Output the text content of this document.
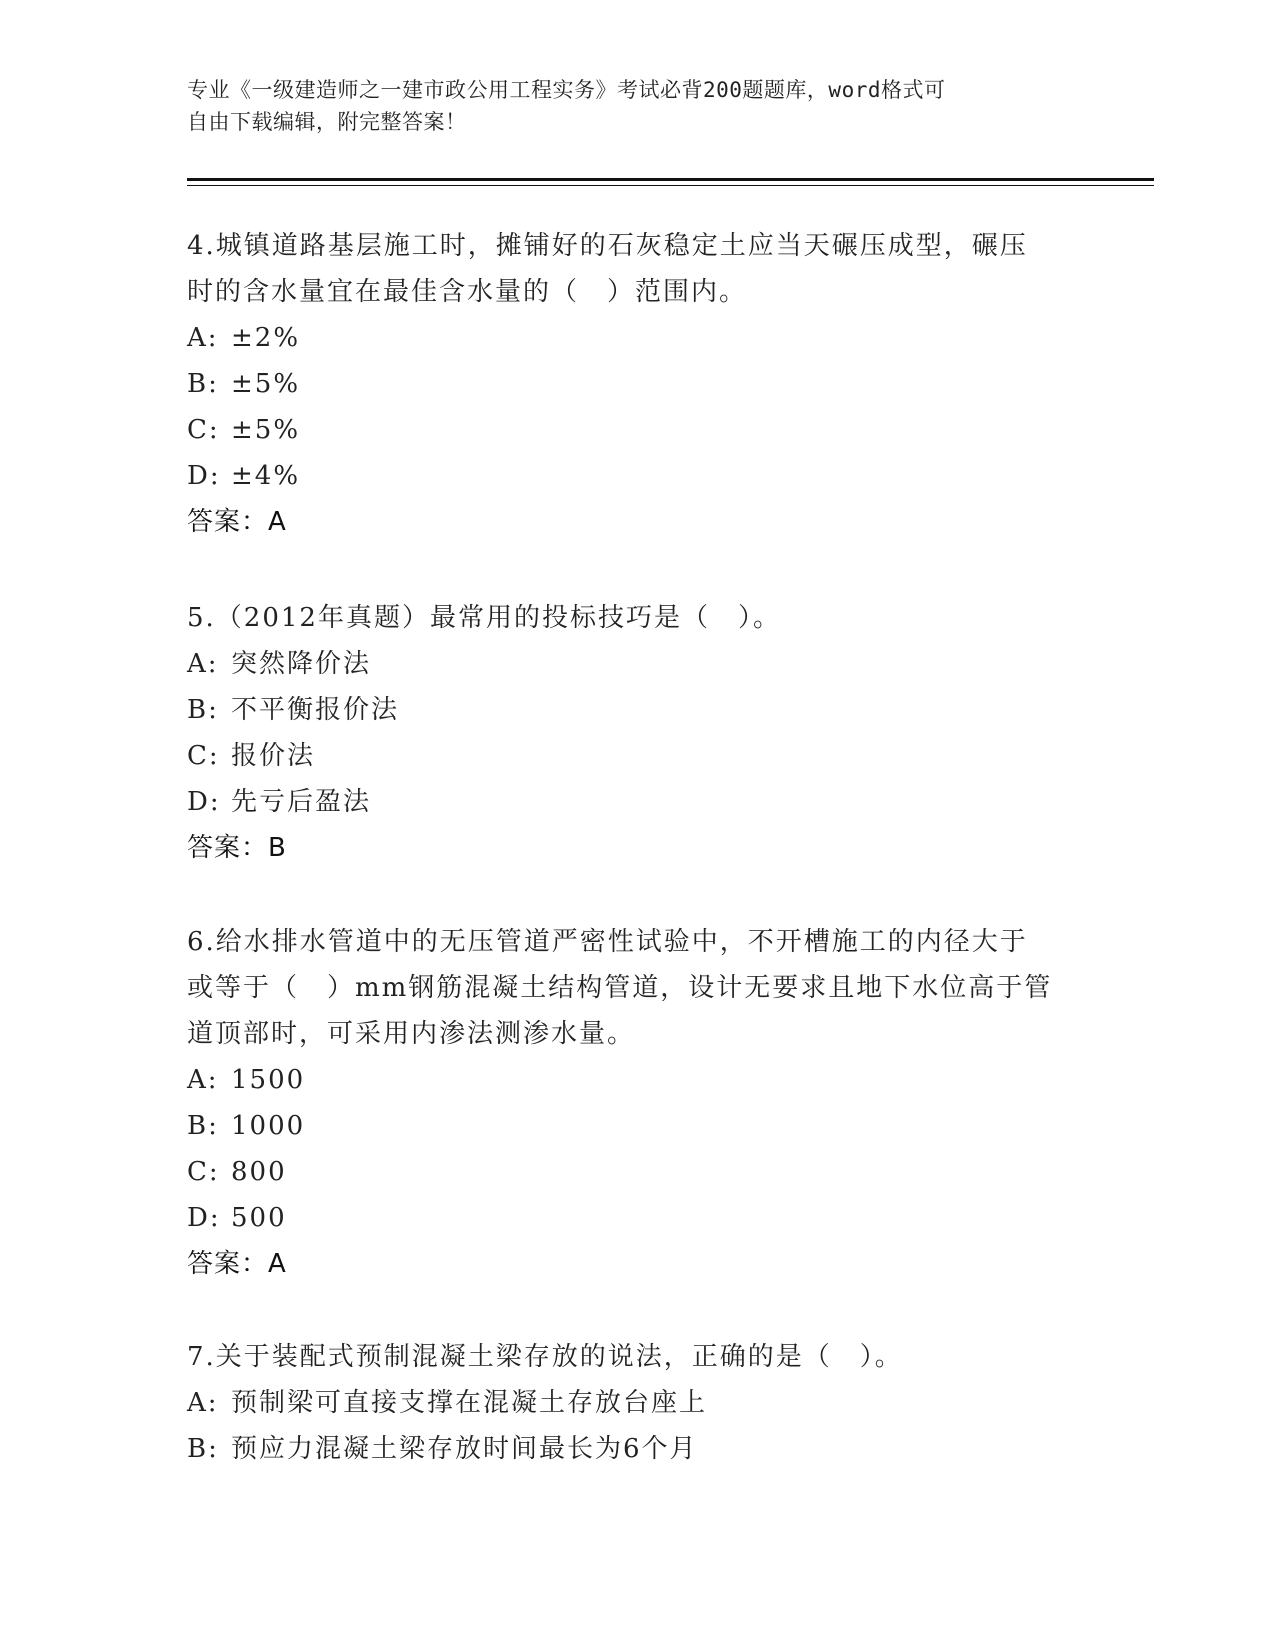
专业《一级建造师之一建市政公用工程实务》考试必背200题题库，word格式可
自由下载编辑，附完整答案！

4.城镇道路基层施工时，摊铺好的石灰稳定土应当天碾压成型，碾压

时的含水量宜在最佳含水量的（　）范围内。

A: ±2%

B: ±5%

C: ±5%

D: ±4%

答案：A

5.（2012年真题）最常用的投标技巧是（　）。

A: 突然降价法

B: 不平衡报价法

C: 报价法

D: 先亏后盈法

答案：B

6.给水排水管道中的无压管道严密性试验中，不开槽施工的内径大于

或等于（　）mm钢筋混凝土结构管道，设计无要求且地下水位高于管

道顶部时，可采用内渗法测渗水量。

A: 1500

B: 1000

C: 800

D: 500

答案：A

7.关于装配式预制混凝土梁存放的说法，正确的是（　）。

A: 预制梁可直接支撑在混凝土存放台座上

B: 预应力混凝土梁存放时间最长为6个月
